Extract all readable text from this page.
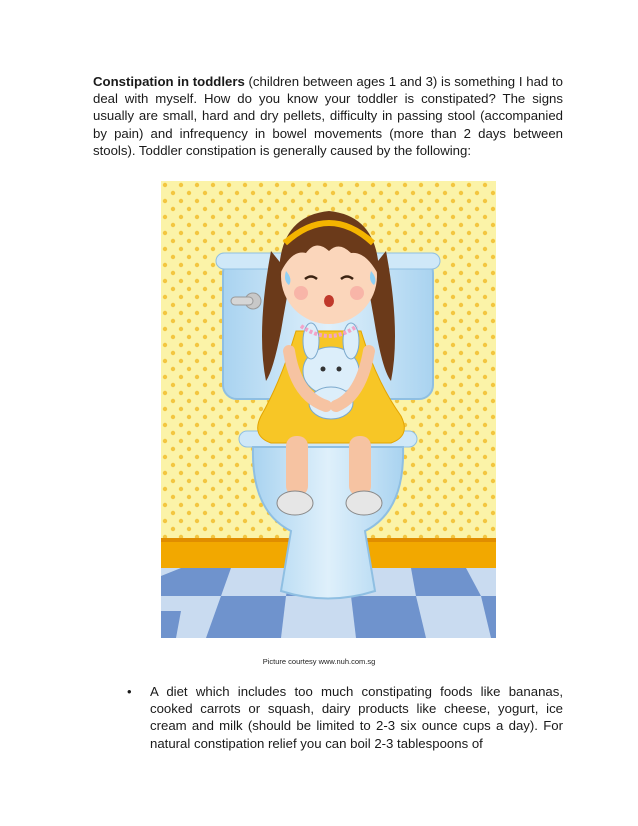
Constipation in toddlers (children between ages 1 and 3) is something I had to deal with myself. How do you know your toddler is constipated? The signs usually are small, hard and dry pellets, difficulty in passing stool (accompanied by pain) and infrequency in bowel movements (more than 2 days between stools). Toddler constipation is generally caused by the following:

Picture courtesy www.nuh.com.sg
• A diet which includes too much constipating foods like bananas, cooked carrots or squash, dairy products like cheese, yogurt, ice cream and milk (should be limited to 2-3 six ounce cups a day). For natural constipation relief you can boil 2-3 tablespoons of
